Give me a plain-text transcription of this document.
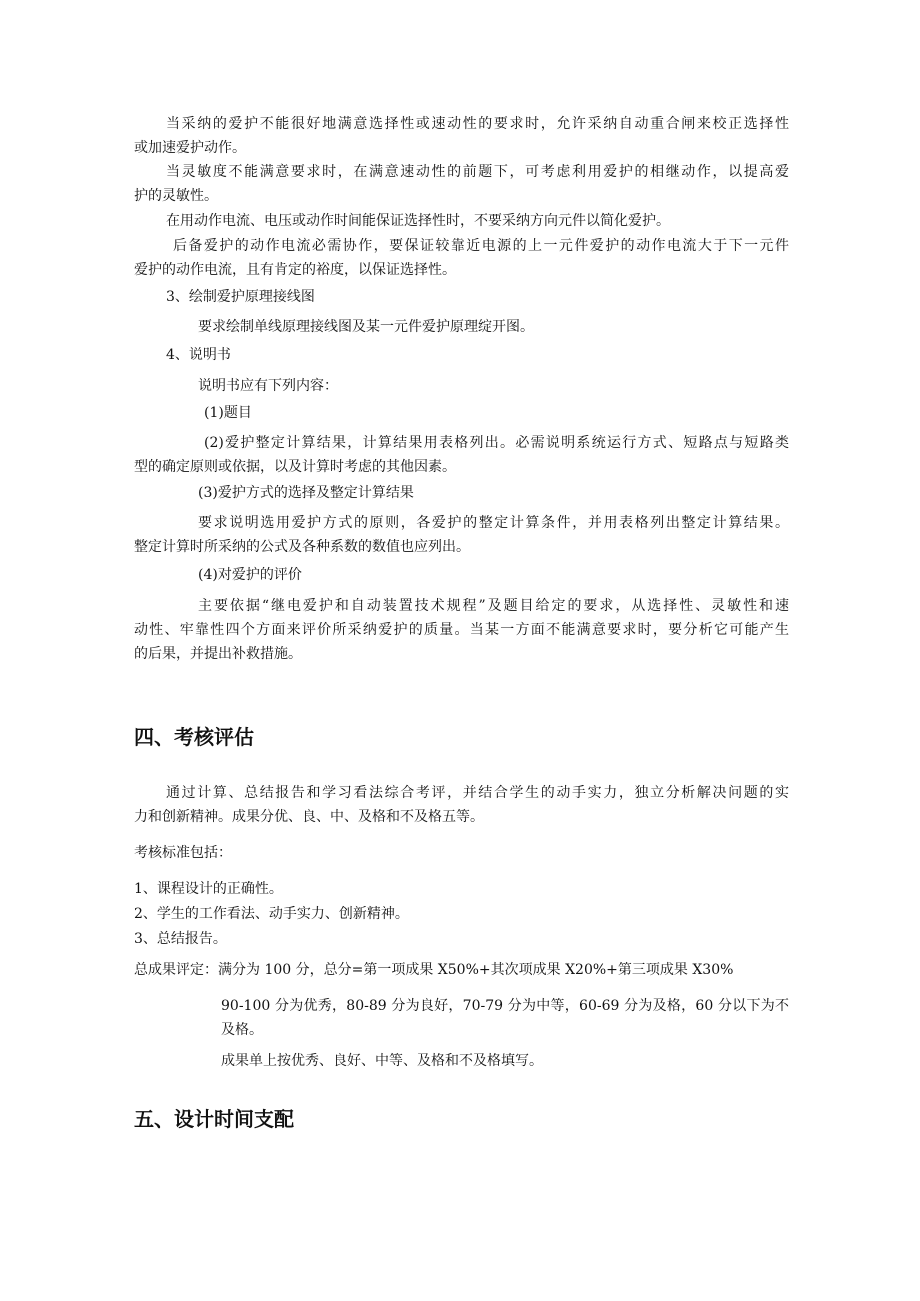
当采纳的爱护不能很好地满意选择性或速动性的要求时，允许采纳自动重合闸来校正选择性
或加速爱护动作。
当灵敏度不能满意要求时，在满意速动性的前题下，可考虑利用爱护的相继动作，以提高爱
护的灵敏性。
在用动作电流、电压或动作时间能保证选择性时，不要采纳方向元件以简化爱护。
后备爱护的动作电流必需协作，要保证较靠近电源的上一元件爱护的动作电流大于下一元件
爱护的动作电流，且有肯定的裕度，以保证选择性。
3、绘制爱护原理接线图
要求绘制单线原理接线图及某一元件爱护原理绽开图。
4、说明书
说明书应有下列内容：
(1)题目
(2)爱护整定计算结果，计算结果用表格列出。必需说明系统运行方式、短路点与短路类
型的确定原则或依据，以及计算时考虑的其他因素。
(3)爱护方式的选择及整定计算结果
要求说明选用爱护方式的原则，各爱护的整定计算条件，并用表格列出整定计算结果。
整定计算时所采纳的公式及各种系数的数值也应列出。
(4)对爱护的评价
主要依据“继电爱护和自动装置技术规程”及题目给定的要求，从选择性、灵敏性和速
动性、牢靠性四个方面来评价所采纳爱护的质量。当某一方面不能满意要求时，要分析它可能产生
的后果，并提出补救措施。
四、考核评估
通过计算、总结报告和学习看法综合考评，并结合学生的动手实力，独立分析解决问题的实
力和创新精神。成果分优、良、中、及格和不及格五等。
考核标准包括：
1、课程设计的正确性。
2、学生的工作看法、动手实力、创新精神。
3、总结报告。
总成果评定：满分为 100 分，总分=第一项成果 X50%+其次项成果 X20%+第三项成果 X30%
90-100 分为优秀，80-89 分为良好，70-79 分为中等，60-69 分为及格，60 分以下为不
及格。
成果单上按优秀、良好、中等、及格和不及格填写。
五、设计时间支配
